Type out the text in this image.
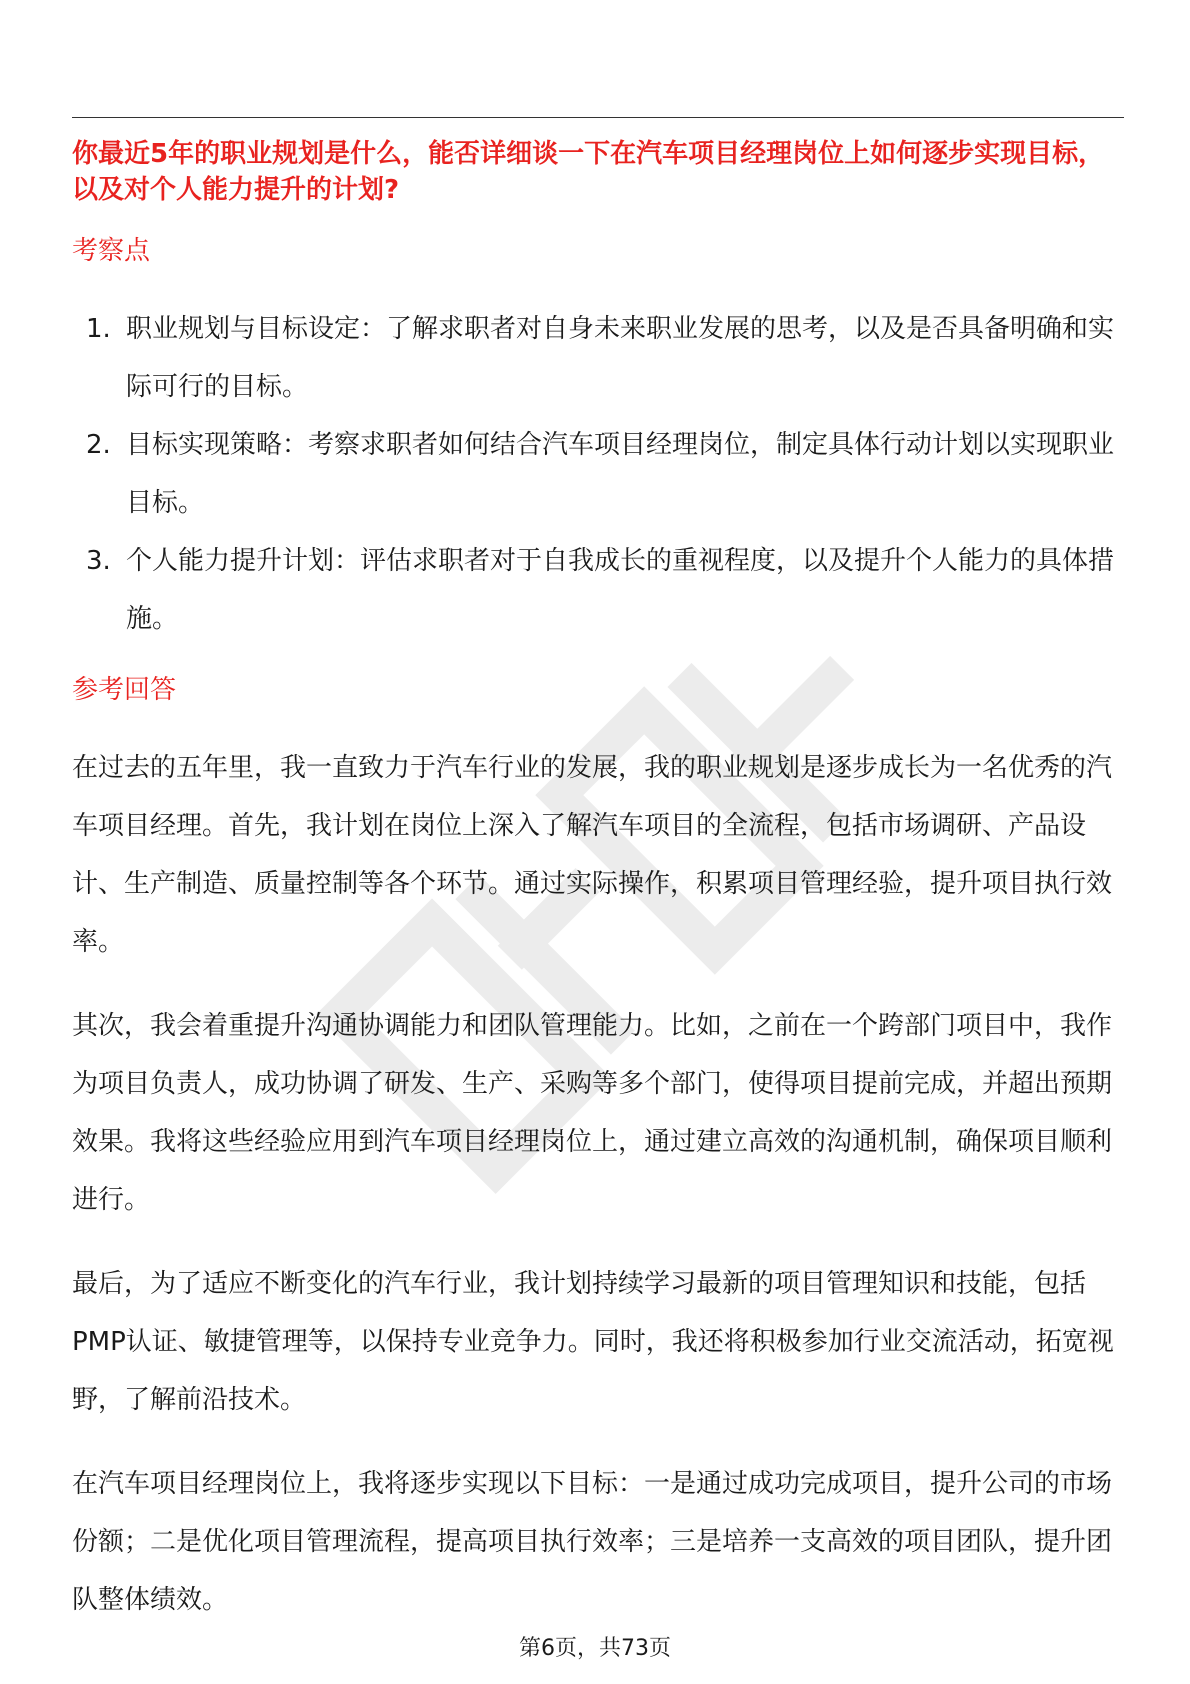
你最近5年的职业规划是什么，能否详细谈一下在汽车项目经理岗位上如何逐步实现目标，以及对个人能力提升的计划?
考察点
1. 职业规划与目标设定：了解求职者对自身未来职业发展的思考，以及是否具备明确和实际可行的目标。
2. 目标实现策略：考察求职者如何结合汽车项目经理岗位，制定具体行动计划以实现职业目标。
3. 个人能力提升计划：评估求职者对于自我成长的重视程度，以及提升个人能力的具体措施。
参考回答

在过去的五年里，我一直致力于汽车行业的发展，我的职业规划是逐步成长为一名优秀的汽车项目经理。首先，我计划在岗位上深入了解汽车项目的全流程，包括市场调研、产品设计、生产制造、质量控制等各个环节。通过实际操作，积累项目管理经验，提升项目执行效率。

其次，我会着重提升沟通协调能力和团队管理能力。比如，之前在一个跨部门项目中，我作为项目负责人，成功协调了研发、生产、采购等多个部门，使得项目提前完成，并超出预期效果。我将这些经验应用到汽车项目经理岗位上，通过建立高效的沟通机制，确保项目顺利进行。

最后，为了适应不断变化的汽车行业，我计划持续学习最新的项目管理知识和技能，包括PMP认证、敏捷管理等，以保持专业竞争力。同时，我还将积极参加行业交流活动，拓宽视野，了解前沿技术。

在汽车项目经理岗位上，我将逐步实现以下目标：一是通过成功完成项目，提升公司的市场份额；二是优化项目管理流程，提高项目执行效率；三是培养一支高效的项目团队，提升团队整体绩效。

第6页，共73页
